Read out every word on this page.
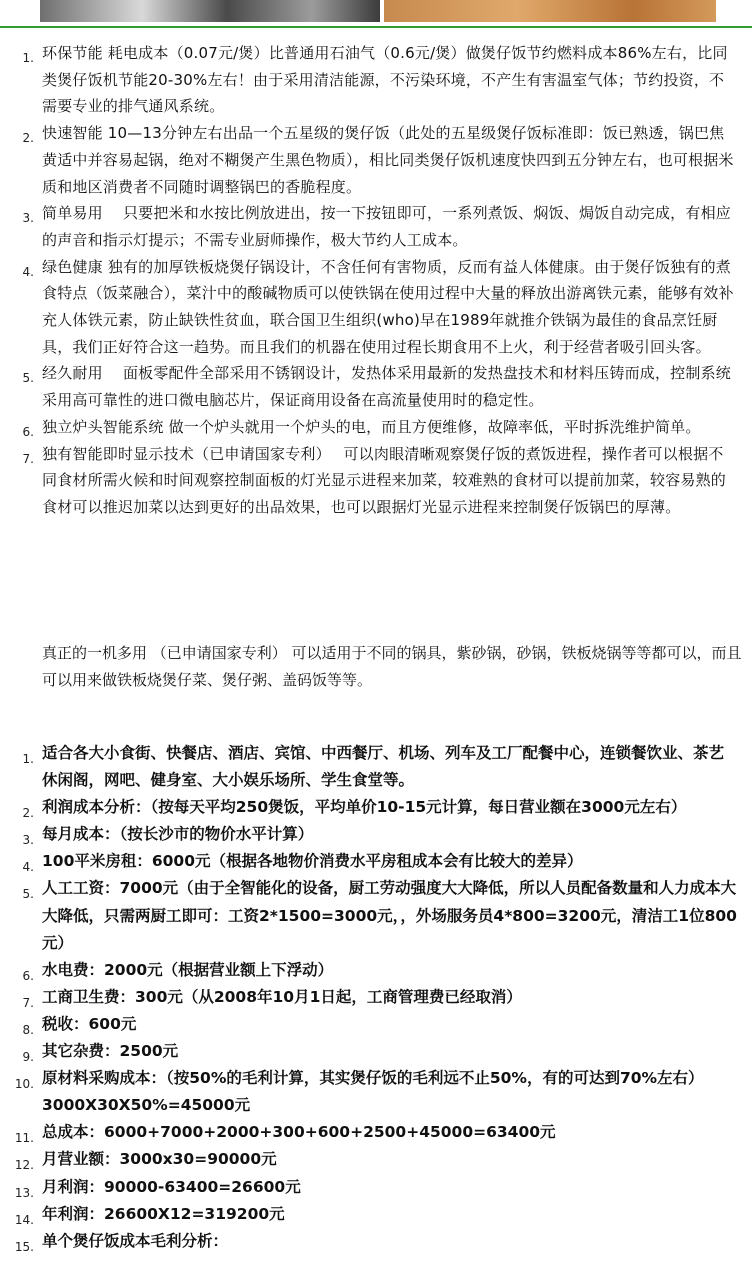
1. 环保节能 耗电成本（0.07元/煲）比普通用石油气（0.6元/煲）做煲仔饭节约燃料成本86%左右，比同类煲仔饭机节能20-30%左右！由于采用清洁能源，不污染环境，不产生有害温室气体；节约投资，不需要专业的排气通风系统。
2. 快速智能 10—13分钟左右出品一个五星级的煲仔饭（此处的五星级煲仔饭标准即：饭已熟透，锅巴焦黄适中并容易起锅，绝对不糊煲产生黑色物质），相比同类煲仔饭机速度快四到五分钟左右，也可根据米质和地区消费者不同随时调整锅巴的香脆程度。
3. 简单易用　 只要把米和水按比例放进出，按一下按钮即可，一系列煮饭、焖饭、焗饭自动完成，有相应的声音和指示灯提示；不需专业厨师操作，极大节约人工成本。
4. 绿色健康 独有的加厚铁板烧煲仔锅设计，不含任何有害物质，反而有益人体健康。由于煲仔饭独有的煮食特点（饭菜融合），菜汁中的酸碱物质可以使铁锅在使用过程中大量的释放出游离铁元素，能够有效补充人体铁元素，防止缺铁性贫血，联合国卫生组织(who)早在1989年就推介铁锅为最佳的食品烹饪厨具，我们正好符合这一趋势。而且我们的机器在使用过程长期食用不上火，利于经营者吸引回头客。
5. 经久耐用　 面板零配件全部采用不锈钢设计，发热体采用最新的发热盘技术和材料压铸而成，控制系统采用高可靠性的进口微电脑芯片，保证商用设备在高流量使用时的稳定性。
6. 独立炉头智能系统 做一个炉头就用一个炉头的电，而且方便维修，故障率低，平时拆洗维护简单。
7. 独有智能即时显示技术（已申请国家专利）　 可以肉眼清晰观察煲仔饭的煮饭进程，操作者可以根据不同食材所需火候和时间观察控制面板的灯光显示进程来加菜，较难熟的食材可以提前加菜，较容易熟的食材可以推迟加菜以达到更好的出品效果，也可以跟据灯光显示进程来控制煲仔饭锅巴的厚薄。
真正的一机多用 （已申请国家专利） 可以适用于不同的锅具，紫砂锅，砂锅，铁板烧锅等等都可以，而且可以用来做铁板烧煲仔菜、煲仔粥、盖码饭等等。
1. 适合各大小食街、快餐店、酒店、宾馆、中西餐厅、机场、列车及工厂配餐中心，连锁餐饮业、茶艺休闲阁，网吧、健身室、大小娱乐场所、学生食堂等。
2. 利润成本分析：（按每天平均250煲饭，平均单价10-15元计算，每日营业额在3000元左右）
3. 每月成本：（按长沙市的物价水平计算）
4. 100平米房租：6000元（根据各地物价消费水平房租成本会有比较大的差异）
5. 人工工资：7000元（由于全智能化的设备，厨工劳动强度大大降低，所以人员配备数量和人力成本大大降低，只需两厨工即可：工资2*1500=3000元，，外场服务员4*800=3200元，清洁工1位800元）
6. 水电费：2000元（根据营业额上下浮动）
7. 工商卫生费：300元（从2008年10月1日起，工商管理费已经取消）
8. 税收：600元
9. 其它杂费：2500元
10. 原材料采购成本：（按50%的毛利计算，其实煲仔饭的毛利远不止50%，有的可达到70%左右） 3000X30X50%=45000元
11. 总成本：6000+7000+2000+300+600+2500+45000=63400元
12. 月营业额：3000x30=90000元
13. 月利润：90000-63400=26600元
14. 年利润：26600X12=319200元
15. 单个煲仔饭成本毛利分析：
